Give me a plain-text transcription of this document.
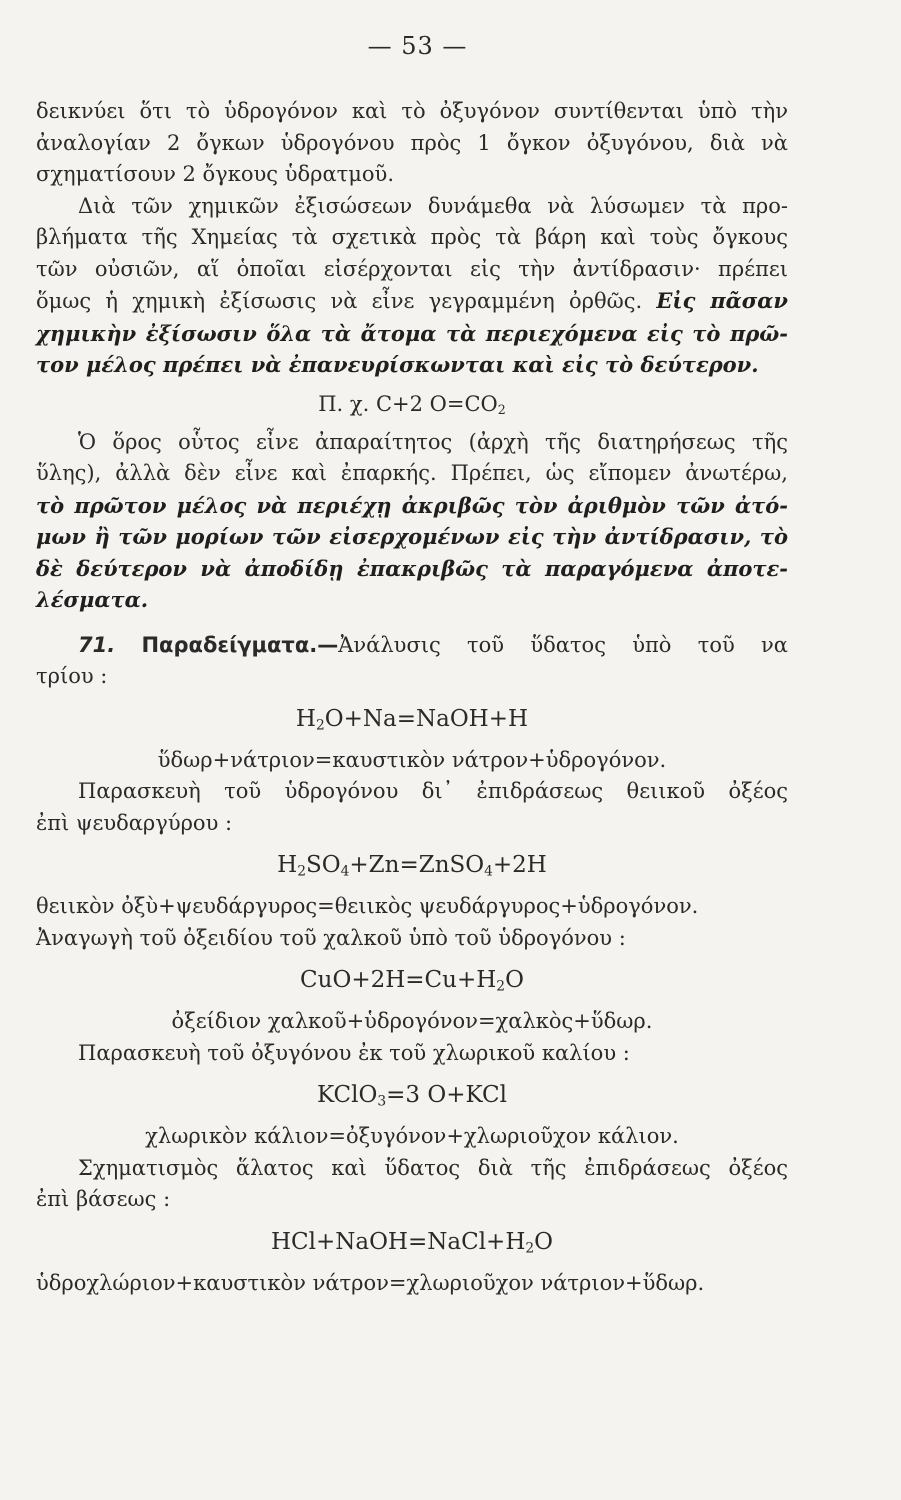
— 53 —
δεικνύει ὅτι τὸ ὑδρογόνον καὶ τὸ ὀξυγόνον συντίθενται ὑπὸ τὴν
ἀναλογίαν 2 ὄγκων ὑδρογόνου πρὸς 1 ὄγκον ὀξυγόνου, διὰ νὰ
σχηματίσουν 2 ὄγκους ὑδρατμοῦ.
Διὰ τῶν χημικῶν ἐξισώσεων δυνάμεθα νὰ λύσωμεν τὰ προ-
βλήματα τῆς Χημείας τὰ σχετικὰ πρὸς τὰ βάρη καὶ τοὺς ὄγκους
τῶν οὐσιῶν, αἵ ὁποῖαι εἰσέρχονται εἰς τὴν ἀντίδρασιν· πρέπει
ὅμως ἡ χημικὴ ἐξίσωσις νὰ εἶνε γεγραμμένη ὀρθῶς. Εἰς πᾶσαν
χημικὴν ἐξίσωσιν ὅλα τὰ ἄτομα τὰ περιεχόμενα εἰς τὸ πρῶ-
τον μέλος πρέπει νὰ ἐπανευρίσκωνται καὶ εἰς τὸ δεύτερον.
Π. χ. C+2 $O=CO_2$
Ὁ ὅρος οὗτος εἶνε ἀπαραίτητος (ἀρχὴ τῆς διατηρήσεως τῆς
ὕλης), ἀλλὰ δὲν εἶνε καὶ ἐπαρκής. Πρέπει, ὡς εἴπομεν ἀνωτέρω,
τὸ πρῶτον μέλος νὰ περιέχῃ ἀκριβῶς τὸν ἀριθμὸν τῶν ἀτό-
μων ἢ τῶν μορίων τῶν εἰσερχομένων εἰς τὴν ἀντίδρασιν, τὸ
δὲ δεύτερον νὰ ἀποδίδῃ ἐπακριβῶς τὰ παραγόμενα ἀποτε-
λέσματα.
71. Παραδείγματα.—Ἀνάλυσις τοῦ ὕδατος ὑπὸ τοῦ να
τρίου :
$H_2O+Na=NaOH+H$
ὕδωρ+νάτριον=καυστικὸν νάτρον+ὑδρογόνον.
Παρασκευὴ τοῦ ὑδρογόνου δι᾽ ἐπιδράσεως θειικοῦ ὀξέος
ἐπὶ ψευδαργύρου :
$H_2SO_4+Zn=ZnSO_4+2H$
θειικὸν ὀξὺ+ψευδάργυρος=θειικὸς ψευδάργυρος+ὑδρογόνον.
Ἀναγωγὴ τοῦ ὀξειδίου τοῦ χαλκοῦ ὑπὸ τοῦ ὑδρογόνου :
$CuO+2H=Cu+H_2O$
ὀξείδιον χαλκοῦ+ὑδρογόνον=χαλκὸς+ὕδωρ.
Παρασκευὴ τοῦ ὀξυγόνου ἐκ τοῦ χλωρικοῦ καλίου :
KClO$_3$=3 O+KCl
χλωρικὸν κάλιον=ὀξυγόνον+χλωριοῦχον κάλιον.
Σχηματισμὸς ἅλατος καὶ ὕδατος διὰ τῆς ἐπιδράσεως ὀξέος
ἐπὶ βάσεως :
$HCl+NaOH=NaCl+H_2O$
ὑδροχλώριον+καυστικὸν νάτρον=χλωριοῦχον νάτριον+ὕδωρ.
